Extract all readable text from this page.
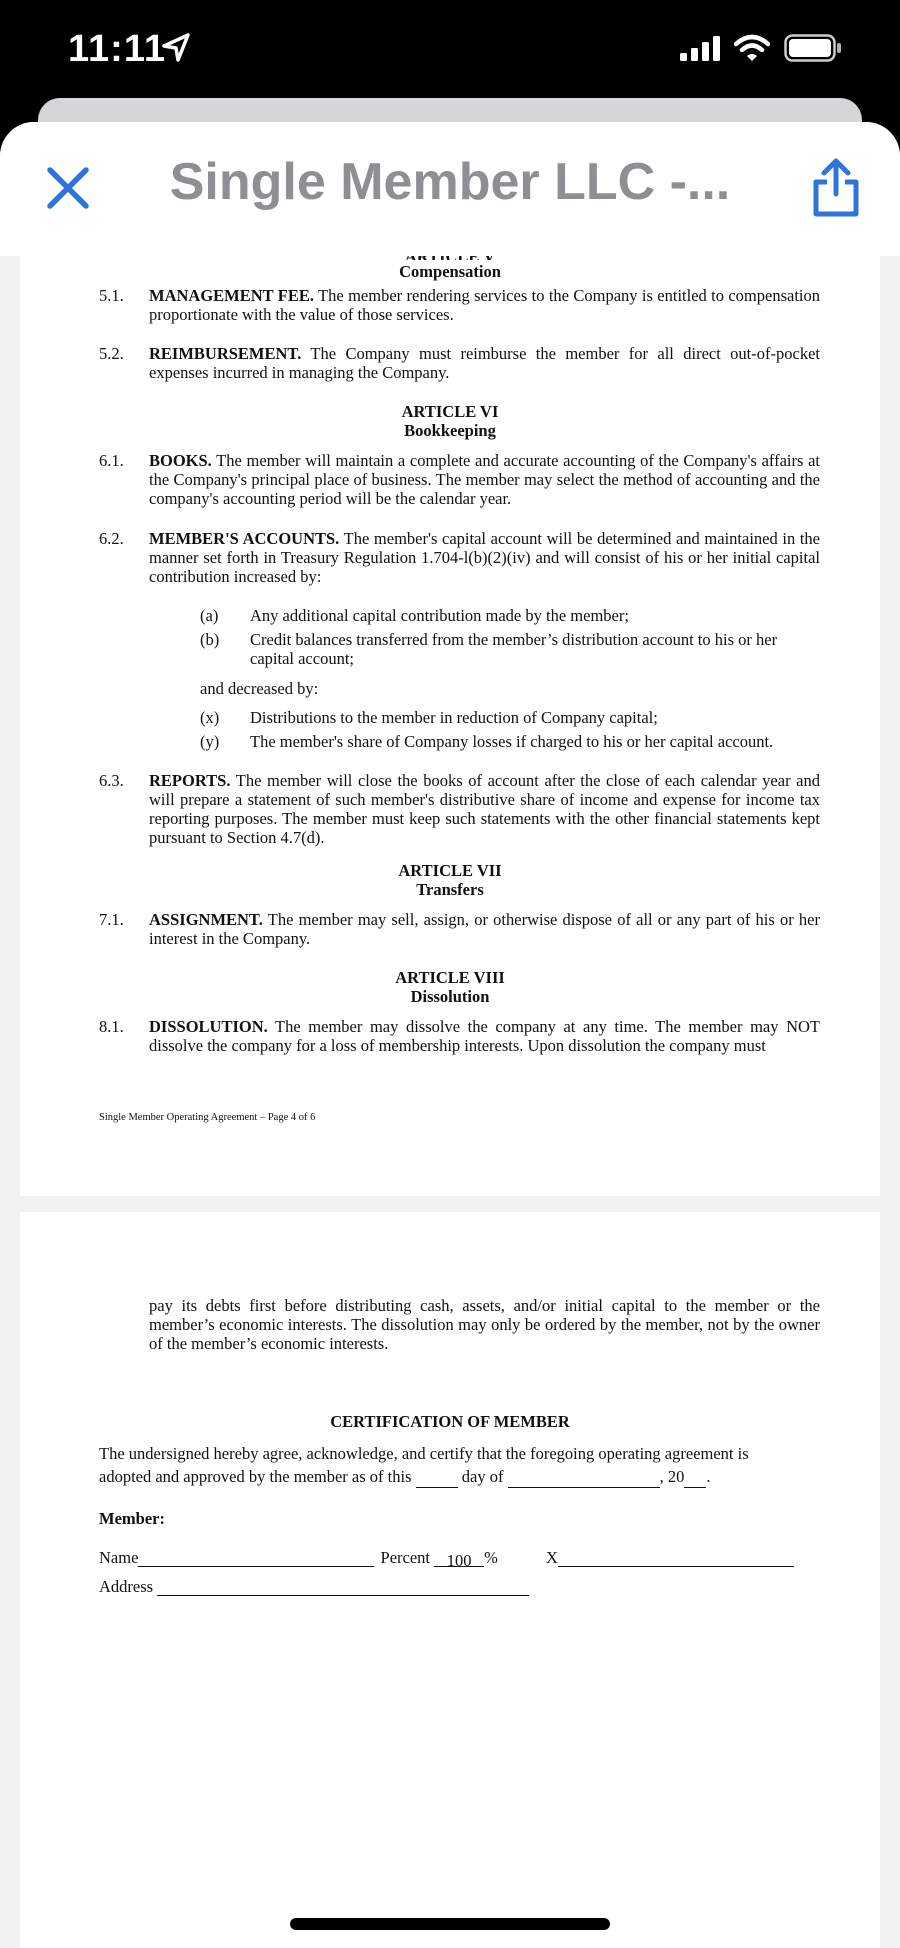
11:11
Single Member LLC -...
Compensation
5.1. MANAGEMENT FEE. The member rendering services to the Company is entitled to compensation proportionate with the value of those services.
5.2. REIMBURSEMENT. The Company must reimburse the member for all direct out-of-pocket expenses incurred in managing the Company.
ARTICLE VI
Bookkeeping
6.1. BOOKS. The member will maintain a complete and accurate accounting of the Company's affairs at the Company's principal place of business. The member may select the method of accounting and the company's accounting period will be the calendar year.
6.2. MEMBER'S ACCOUNTS. The member's capital account will be determined and maintained in the manner set forth in Treasury Regulation 1.704-l(b)(2)(iv) and will consist of his or her initial capital contribution increased by:
(a) Any additional capital contribution made by the member;
(b) Credit balances transferred from the member’s distribution account to his or her capital account;
and decreased by:
(x) Distributions to the member in reduction of Company capital;
(y) The member's share of Company losses if charged to his or her capital account.
6.3. REPORTS. The member will close the books of account after the close of each calendar year and will prepare a statement of such member's distributive share of income and expense for income tax reporting purposes. The member must keep such statements with the other financial statements kept pursuant to Section 4.7(d).
ARTICLE VII
Transfers
7.1. ASSIGNMENT. The member may sell, assign, or otherwise dispose of all or any part of his or her interest in the Company.
ARTICLE VIII
Dissolution
8.1. DISSOLUTION. The member may dissolve the company at any time. The member may NOT dissolve the company for a loss of membership interests. Upon dissolution the company must
Single Member Operating Agreement – Page 4 of 6
pay its debts first before distributing cash, assets, and/or initial capital to the member or the member’s economic interests. The dissolution may only be ordered by the member, not by the owner of the member’s economic interests.
CERTIFICATION OF MEMBER
The undersigned hereby agree, acknowledge, and certify that the foregoing operating agreement is
adopted and approved by the member as of this	day of	, 20 .
Member:
Name	Percent 100 %	X
Address
